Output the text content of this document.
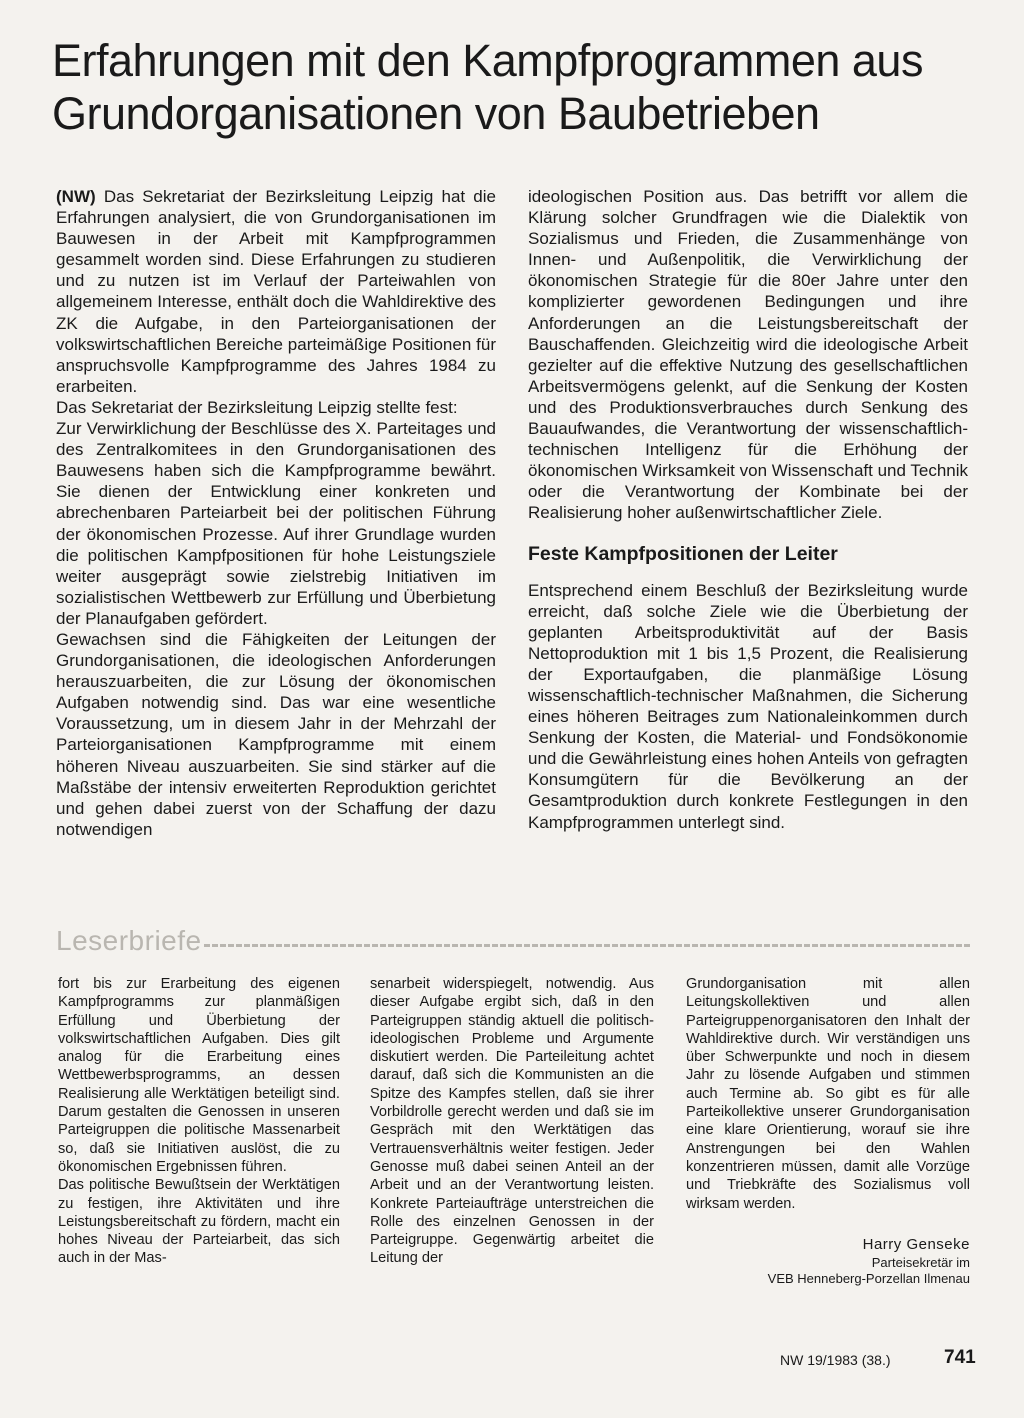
Erfahrungen mit den Kampfprogrammen aus Grundorganisationen von Baubetrieben

(NW) Das Sekretariat der Bezirksleitung Leipzig hat die Erfahrungen analysiert, die von Grundorganisationen im Bauwesen in der Arbeit mit Kampfprogrammen gesammelt worden sind. Diese Erfahrungen zu studieren und zu nutzen ist im Verlauf der Parteiwahlen von allgemeinem Interesse, enthält doch die Wahldirektive des ZK die Aufgabe, in den Parteiorganisationen der volkswirtschaftlichen Bereiche parteimäßige Positionen für anspruchsvolle Kampfprogramme des Jahres 1984 zu erarbeiten.

Das Sekretariat der Bezirksleitung Leipzig stellte fest:

Zur Verwirklichung der Beschlüsse des X. Parteitages und des Zentralkomitees in den Grundorganisationen des Bauwesens haben sich die Kampfprogramme bewährt. Sie dienen der Entwicklung einer konkreten und abrechenbaren Parteiarbeit bei der politischen Führung der ökonomischen Prozesse. Auf ihrer Grundlage wurden die politischen Kampfpositionen für hohe Leistungsziele weiter ausgeprägt sowie zielstrebig Initiativen im sozialistischen Wettbewerb zur Erfüllung und Überbietung der Planaufgaben gefördert.

Gewachsen sind die Fähigkeiten der Leitungen der Grundorganisationen, die ideologischen Anforderungen herauszuarbeiten, die zur Lösung der ökonomischen Aufgaben notwendig sind. Das war eine wesentliche Voraussetzung, um in diesem Jahr in der Mehrzahl der Parteiorganisationen Kampfprogramme mit einem höheren Niveau auszuarbeiten. Sie sind stärker auf die Maßstäbe der intensiv erweiterten Reproduktion gerichtet und gehen dabei zuerst von der Schaffung der dazu notwendigen

ideologischen Position aus. Das betrifft vor allem die Klärung solcher Grundfragen wie die Dialektik von Sozialismus und Frieden, die Zusammenhänge von Innen- und Außenpolitik, die Verwirklichung der ökonomischen Strategie für die 80er Jahre unter den komplizierter gewordenen Bedingungen und ihre Anforderungen an die Leistungsbereitschaft der Bauschaffenden. Gleichzeitig wird die ideologische Arbeit gezielter auf die effektive Nutzung des gesellschaftlichen Arbeitsvermögens gelenkt, auf die Senkung der Kosten und des Produktionsverbrauches durch Senkung des Bauaufwandes, die Verantwortung der wissenschaftlich-technischen Intelligenz für die Erhöhung der ökonomischen Wirksamkeit von Wissenschaft und Technik oder die Verantwortung der Kombinate bei der Realisierung hoher außenwirtschaftlicher Ziele.

Feste Kampfpositionen der Leiter

Entsprechend einem Beschluß der Bezirksleitung wurde erreicht, daß solche Ziele wie die Überbietung der geplanten Arbeitsproduktivität auf der Basis Nettoproduktion mit 1 bis 1,5 Prozent, die Realisierung der Exportaufgaben, die planmäßige Lösung wissenschaftlich-technischer Maßnahmen, die Sicherung eines höheren Beitrages zum Nationaleinkommen durch Senkung der Kosten, die Material- und Fondsökonomie und die Gewährleistung eines hohen Anteils von gefragten Konsumgütern für die Bevölkerung an der Gesamtproduktion durch konkrete Festlegungen in den Kampfprogrammen unterlegt sind.

Leserbriefe

fort bis zur Erarbeitung des eigenen Kampfprogramms zur planmäßigen Erfüllung und Überbietung der volkswirtschaftlichen Aufgaben. Dies gilt analog für die Erarbeitung eines Wettbewerbsprogramms, an dessen Realisierung alle Werktätigen beteiligt sind. Darum gestalten die Genossen in unseren Parteigruppen die politische Massenarbeit so, daß sie Initiativen auslöst, die zu ökonomischen Ergebnissen führen.

Das politische Bewußtsein der Werktätigen zu festigen, ihre Aktivitäten und ihre Leistungsbereitschaft zu fördern, macht ein hohes Niveau der Parteiarbeit, das sich auch in der Mas-

senarbeit widerspiegelt, notwendig. Aus dieser Aufgabe ergibt sich, daß in den Parteigruppen ständig aktuell die politisch-ideologischen Probleme und Argumente diskutiert werden. Die Parteileitung achtet darauf, daß sich die Kommunisten an die Spitze des Kampfes stellen, daß sie ihrer Vorbildrolle gerecht werden und daß sie im Gespräch mit den Werktätigen das Vertrauensverhältnis weiter festigen. Jeder Genosse muß dabei seinen Anteil an der Arbeit und an der Verantwortung leisten. Konkrete Parteiaufträge unterstreichen die Rolle des einzelnen Genossen in der Parteigruppe. Gegenwärtig arbeitet die Leitung der

Grundorganisation mit allen Leitungskollektiven und allen Parteigruppenorganisatoren den Inhalt der Wahldirektive durch. Wir verständigen uns über Schwerpunkte und noch in diesem Jahr zu lösende Aufgaben und stimmen auch Termine ab. So gibt es für alle Parteikollektive unserer Grundorganisation eine klare Orientierung, worauf sie ihre Anstrengungen bei den Wahlen konzentrieren müssen, damit alle Vorzüge und Triebkräfte des Sozialismus voll wirksam werden.

Harry Genseke
Parteisekretär im
VEB Henneberg-Porzellan Ilmenau
NW 19/1983 (38.)	741
